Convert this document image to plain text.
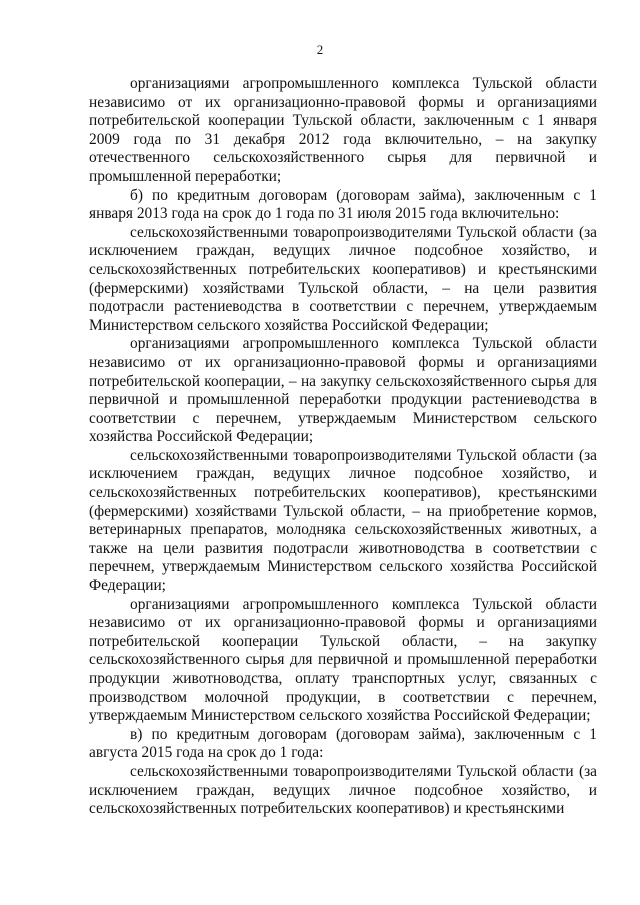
2

организациями агропромышленного комплекса Тульской области независимо от их организационно-правовой формы и организациями потребительской кооперации Тульской области, заключенным с 1 января 2009 года по 31 декабря 2012 года включительно, – на закупку отечественного сельскохозяйственного сырья для первичной и промышленной переработки;

б) по кредитным договорам (договорам займа), заключенным с 1 января 2013 года на срок до 1 года по 31 июля 2015 года включительно:

сельскохозяйственными товаропроизводителями Тульской области (за исключением граждан, ведущих личное подсобное хозяйство, и сельскохозяйственных потребительских кооперативов) и крестьянскими (фермерскими) хозяйствами Тульской области, – на цели развития подотрасли растениеводства в соответствии с перечнем, утверждаемым Министерством сельского хозяйства Российской Федерации;

организациями агропромышленного комплекса Тульской области независимо от их организационно-правовой формы и организациями потребительской кооперации, – на закупку сельскохозяйственного сырья для первичной и промышленной переработки продукции растениеводства в соответствии с перечнем, утверждаемым Министерством сельского хозяйства Российской Федерации;

сельскохозяйственными товаропроизводителями Тульской области (за исключением граждан, ведущих личное подсобное хозяйство, и сельскохозяйственных потребительских кооперативов), крестьянскими (фермерскими) хозяйствами Тульской области, – на приобретение кормов, ветеринарных препаратов, молодняка сельскохозяйственных животных, а также на цели развития подотрасли животноводства в соответствии с перечнем, утверждаемым Министерством сельского хозяйства Российской Федерации;

организациями агропромышленного комплекса Тульской области независимо от их организационно-правовой формы и организациями потребительской кооперации Тульской области, – на закупку сельскохозяйственного сырья для первичной и промышленной переработки продукции животноводства, оплату транспортных услуг, связанных с производством молочной продукции, в соответствии с перечнем, утверждаемым Министерством сельского хозяйства Российской Федерации;

в) по кредитным договорам (договорам займа), заключенным с 1 августа 2015 года на срок до 1 года:

сельскохозяйственными товаропроизводителями Тульской области (за исключением граждан, ведущих личное подсобное хозяйство, и сельскохозяйственных потребительских кооперативов) и крестьянскими
